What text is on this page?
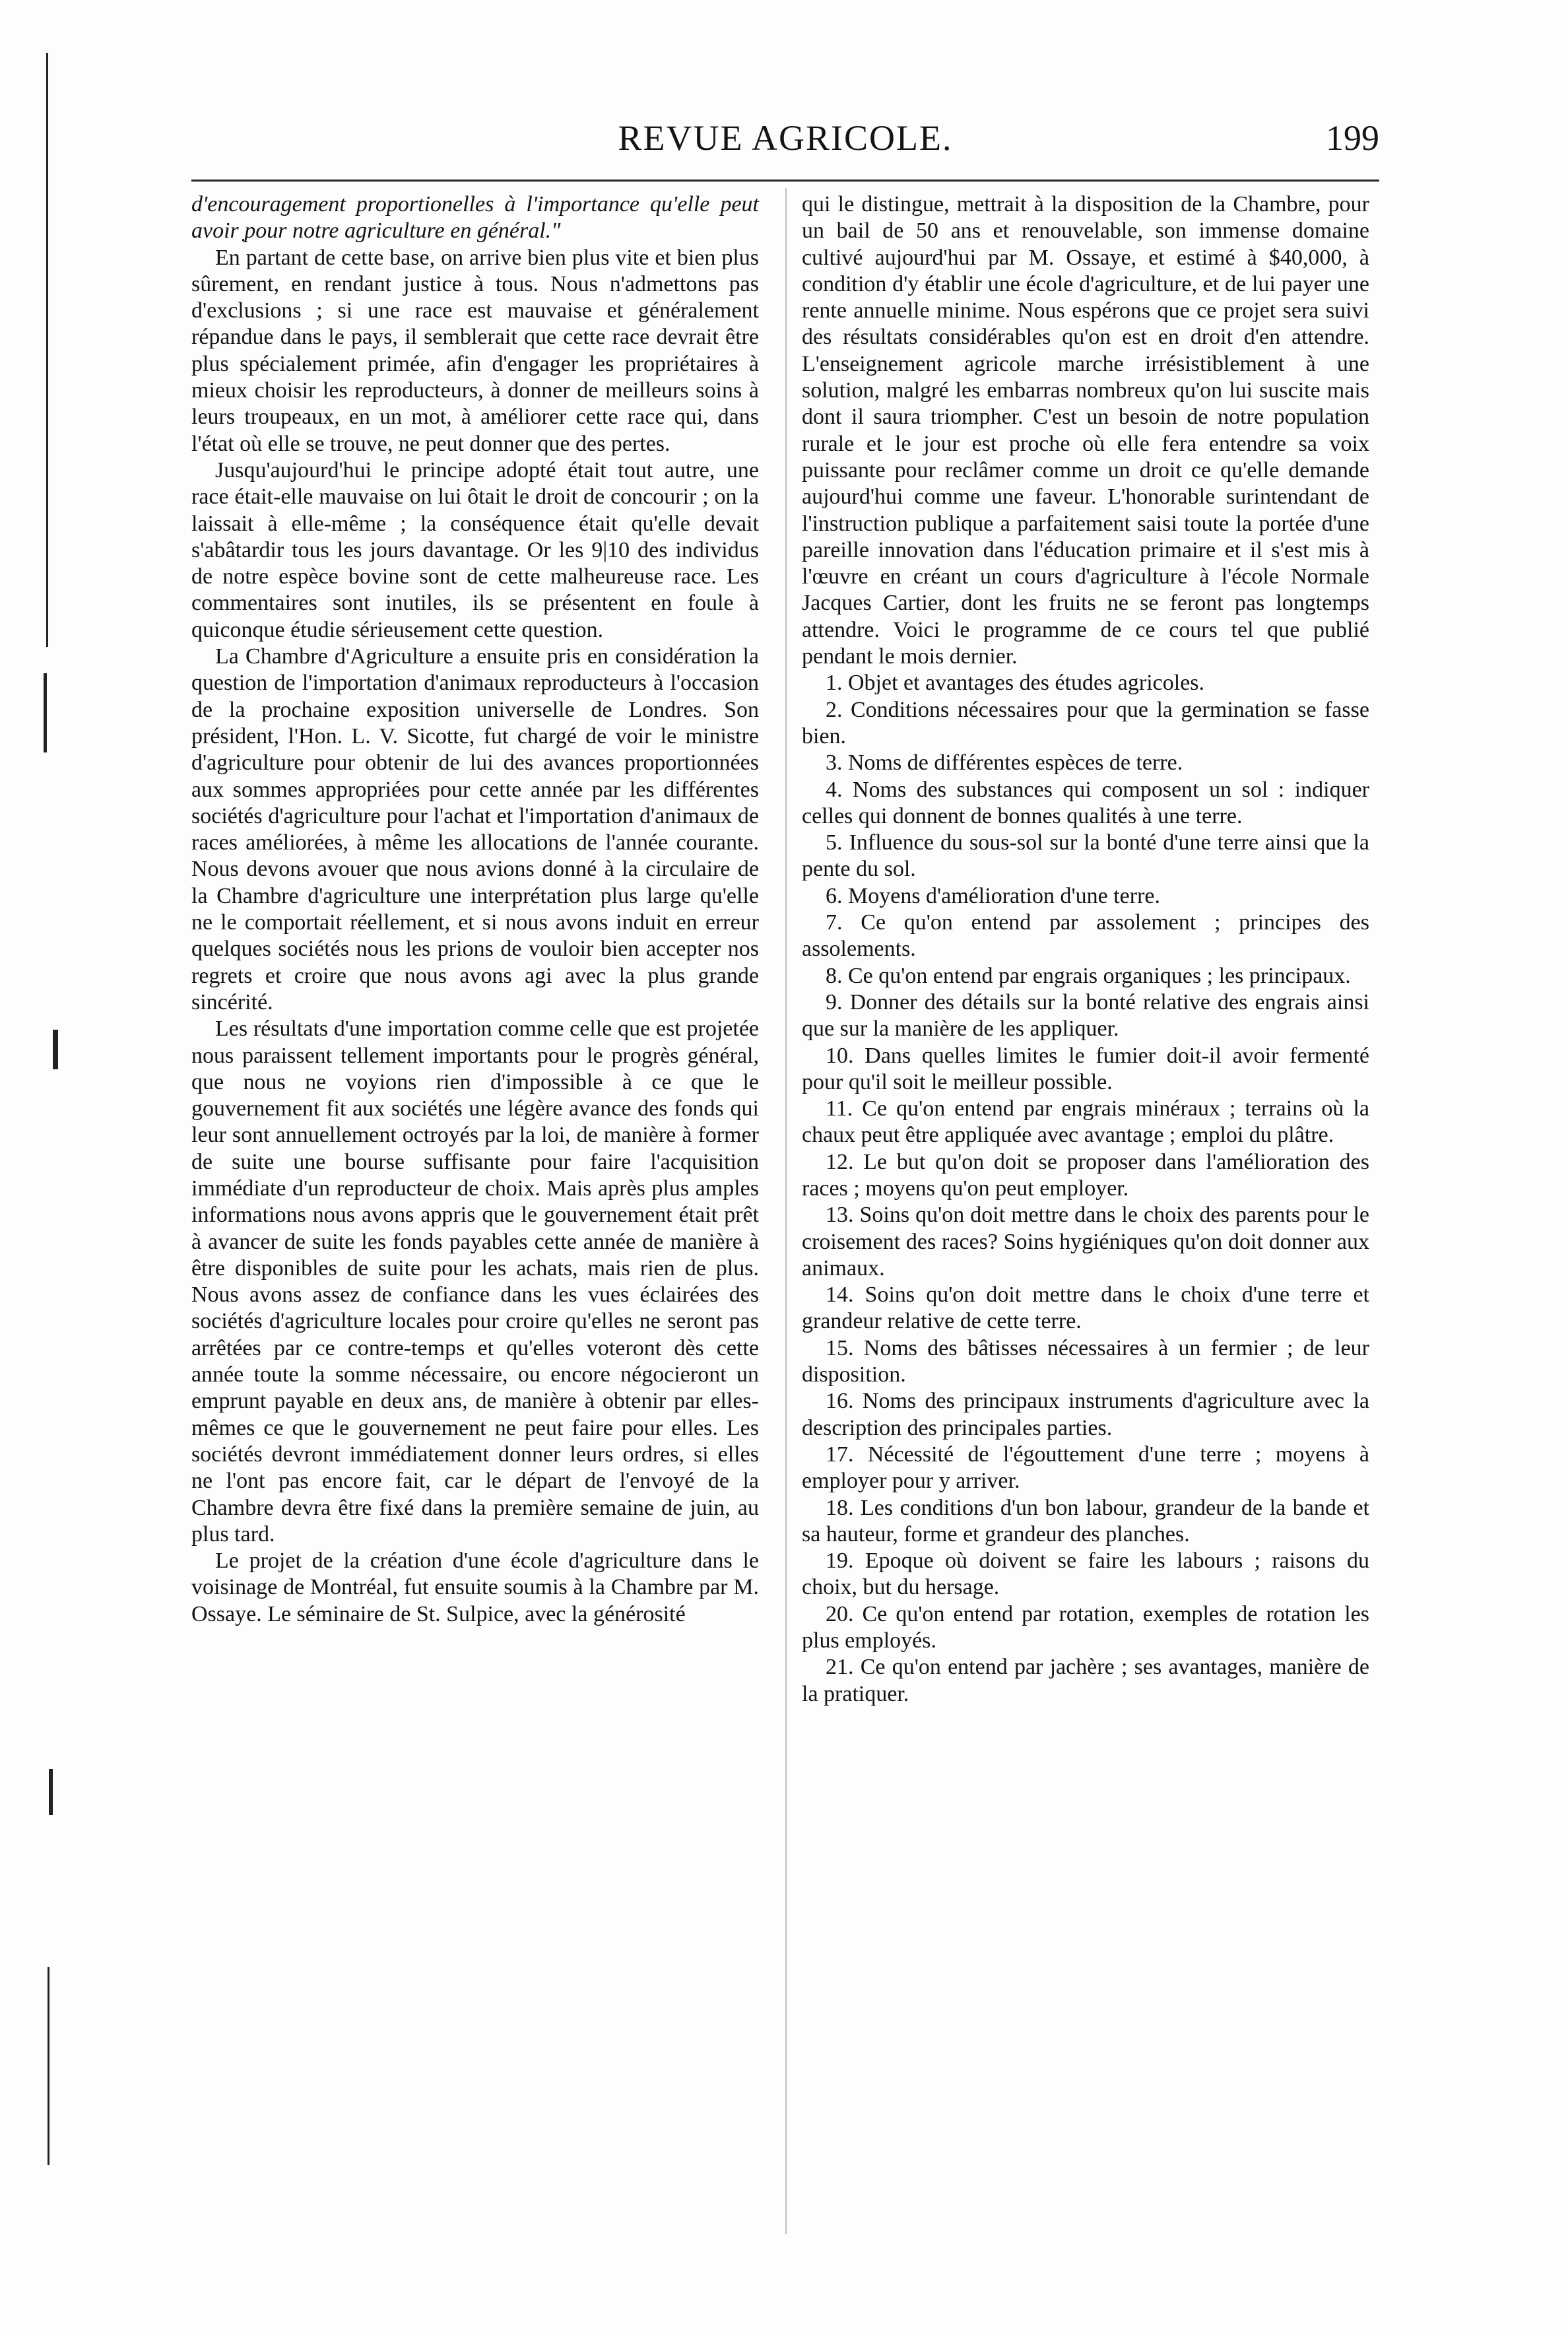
REVUE AGRICOLE.	199

d'encouragement proportionelles à l'importance qu'elle peut avoir ̣pour notre agriculture en général."

En partant de cette base, on arrive bien plus vite et bien plus sûrement, en rendant justice à tous. Nous n'admettons pas d'exclusions ; si une race est mauvaise et généralement répandue dans le pays, il semblerait que cette race devrait être plus spécialement primée, afin d'engager les propriétaires à mieux choisir les reproducteurs, à donner de meilleurs soins à leurs troupeaux, en un mot, à améliorer cette race qui, dans l'état où elle se trouve, ne peut donner que des pertes.

Jusqu'aujourd'hui le principe adopté était tout autre, une race était-elle mauvaise on lui ôtait le droit de concourir ; on la laissait à elle-même ; la conséquence était qu'elle devait s'abâtardir tous les jours davantage. Or les 9|10 des individus de notre espèce bovine sont de cette malheureuse race. Les commentaires sont inutiles, ils se présentent en foule à quiconque étudie sérieusement cette question.

La Chambre d'Agriculture a ensuite pris en considération la question de l'importation d'animaux reproducteurs à l'occasion de la prochaine exposition universelle de Londres. Son président, l'Hon. L. V. Sicotte, fut chargé de voir le ministre d'agriculture pour obtenir de lui des avances proportionnées aux sommes appropriées pour cette année par les différentes sociétés d'agriculture pour l'achat et l'importation d'animaux de races améliorées, à même les allocations de l'année courante. Nous devons avouer que nous avions donné à la circulaire de la Chambre d'agriculture une interprétation plus large qu'elle ne le comportait réellement, et si nous avons induit en erreur quelques sociétés nous les prions de vouloir bien accepter nos regrets et croire que nous avons agi avec la plus grande sincérité.

Les résultats d'une importation comme celle que est projetée nous paraissent tellement importants pour le progrès général, que nous ne voyions rien d'impossible à ce que le gouvernement fit aux sociétés une légère avance des fonds qui leur sont annuellement octroyés par la loi, de manière à former de suite une bourse suffisante pour faire l'acquisition immédiate d'un reproducteur de choix. Mais après plus amples informations nous avons appris que le gouvernement était prêt à avancer de suite les fonds payables cette année de manière à être disponibles de suite pour les achats, mais rien de plus. Nous avons assez de confiance dans les vues éclairées des sociétés d'agriculture locales pour croire qu'elles ne seront pas arrêtées par ce contre-temps et qu'elles voteront dès cette année toute la somme nécessaire, ou encore négocieront un emprunt payable en deux ans, de manière à obtenir par elles-mêmes ce que le gouvernement ne peut faire pour elles. Les sociétés devront immédiatement donner leurs ordres, si elles ne l'ont pas encore fait, car le départ de l'envoyé de la Chambre devra être fixé dans la première semaine de juin, au plus tard.

Le projet de la création d'une école d'agriculture dans le voisinage de Montréal, fut ensuite soumis à la Chambre par M. Ossaye. Le séminaire de St. Sulpice, avec la générosité

qui le distingue, mettrait à la disposition de la Chambre, pour un bail de 50 ans et renouvelable, son immense domaine cultivé aujourd'hui par M. Ossaye, et estimé à $40,000, à condition d'y établir une école d'agriculture, et de lui payer une rente annuelle minime. Nous espérons que ce projet sera suivi des résultats considérables qu'on est en droit d'en attendre. L'enseignement agricole marche irrésistiblement à une solution, malgré les embarras nombreux qu'on lui suscite mais dont il saura triompher. C'est un besoin de notre population rurale et le jour est proche où elle fera entendre sa voix puissante pour reclâmer comme un droit ce qu'elle demande aujourd'hui comme une faveur. L'honorable surintendant de l'instruction publique a parfaitement saisi toute la portée d'une pareille innovation dans l'éducation primaire et il s'est mis à l'œuvre en créant un cours d'agriculture à l'école Normale Jacques Cartier, dont les fruits ne se feront pas longtemps attendre. Voici le programme de ce cours tel que publié pendant le mois dernier.

1. Objet et avantages des études agricoles.

2. Conditions nécessaires pour que la germination se fasse bien.

3. Noms de différentes espèces de terre.

4. Noms des substances qui composent un sol : indiquer celles qui donnent de bonnes qualités à une terre.

5. Influence du sous-sol sur la bonté d'une terre ainsi que la pente du sol.

6. Moyens d'amélioration d'une terre.

7. Ce qu'on entend par assolement ; principes des assolements.

8. Ce qu'on entend par engrais organiques ; les principaux.

9. Donner des détails sur la bonté relative des engrais ainsi que sur la manière de les appliquer.

10. Dans quelles limites le fumier doit-il avoir fermenté pour qu'il soit le meilleur possible.

11. Ce qu'on entend par engrais minéraux ; terrains où la chaux peut être appliquée avec avantage ; emploi du plâtre.

12. Le but qu'on doit se proposer dans l'amélioration des races ; moyens qu'on peut employer.

13. Soins qu'on doit mettre dans le choix des parents pour le croisement des races? Soins hygiéniques qu'on doit donner aux animaux.

14. Soins qu'on doit mettre dans le choix d'une terre et grandeur relative de cette terre.

15. Noms des bâtisses nécessaires à un fermier ; de leur disposition.

16. Noms des principaux instruments d'agriculture avec la description des principales parties.

17. Nécessité de l'égouttement d'une terre ; moyens à employer pour y arriver.

18. Les conditions d'un bon labour, grandeur de la bande et sa hauteur, forme et grandeur des planches.

19. Epoque où doivent se faire les labours ; raisons du choix, but du hersage.

20. Ce qu'on entend par rotation, exemples de rotation les plus employés.

21. Ce qu'on entend par jachère ; ses avantages, manière de la pratiquer.
